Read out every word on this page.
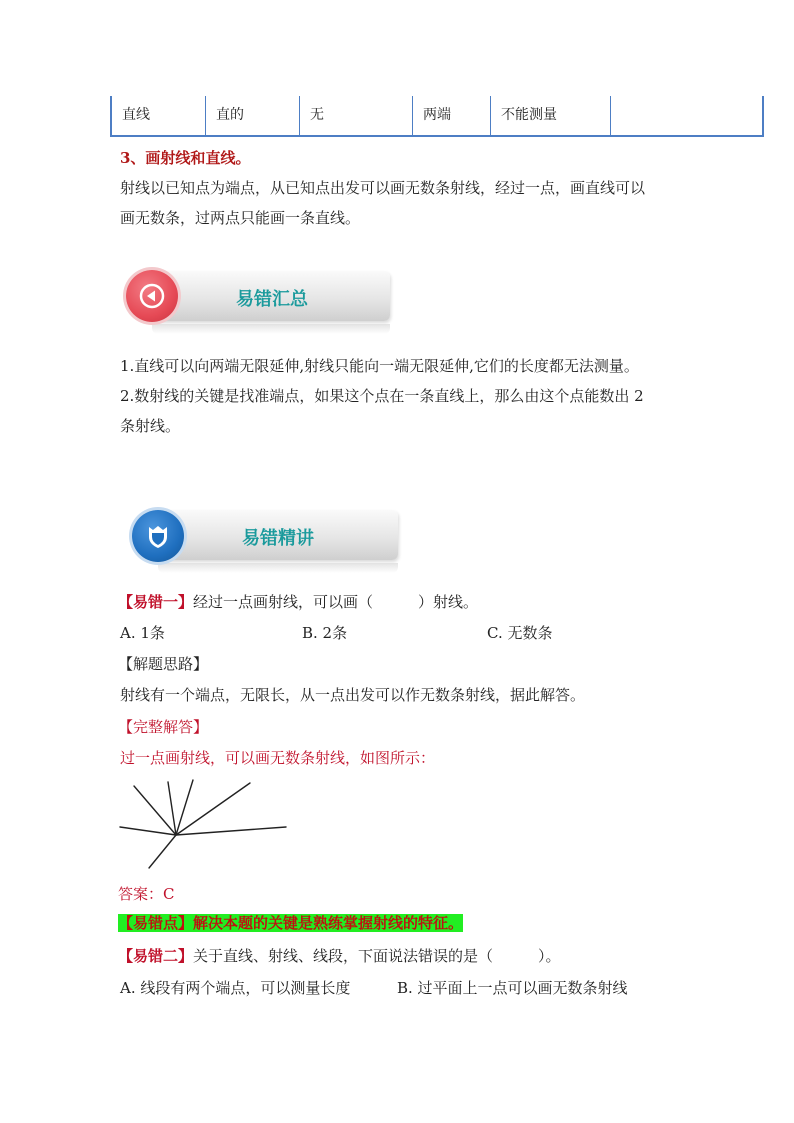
直线	直的	无	两端	不能测量
3、画射线和直线。
射线以已知点为端点，从已知点出发可以画无数条射线，经过一点，画直线可以
画无数条，过两点只能画一条直线。
易错汇总
1.直线可以向两端无限延伸,射线只能向一端无限延伸,它们的长度都无法测量。
2.数射线的关键是找准端点，如果这个点在一条直线上，那么由这个点能数出 2
条射线。
易错精讲
【易错一】经过一点画射线，可以画（　　　）射线。
A. 1条	B. 2条	C. 无数条
【解题思路】
射线有一个端点，无限长，从一点出发可以作无数条射线，据此解答。
【完整解答】
过一点画射线，可以画无数条射线，如图所示：
答案：C
【易错点】解决本题的关键是熟练掌握射线的特征。
【易错二】关于直线、射线、线段，下面说法错误的是（　　　）。
A. 线段有两个端点，可以测量长度	B. 过平面上一点可以画无数条射线
